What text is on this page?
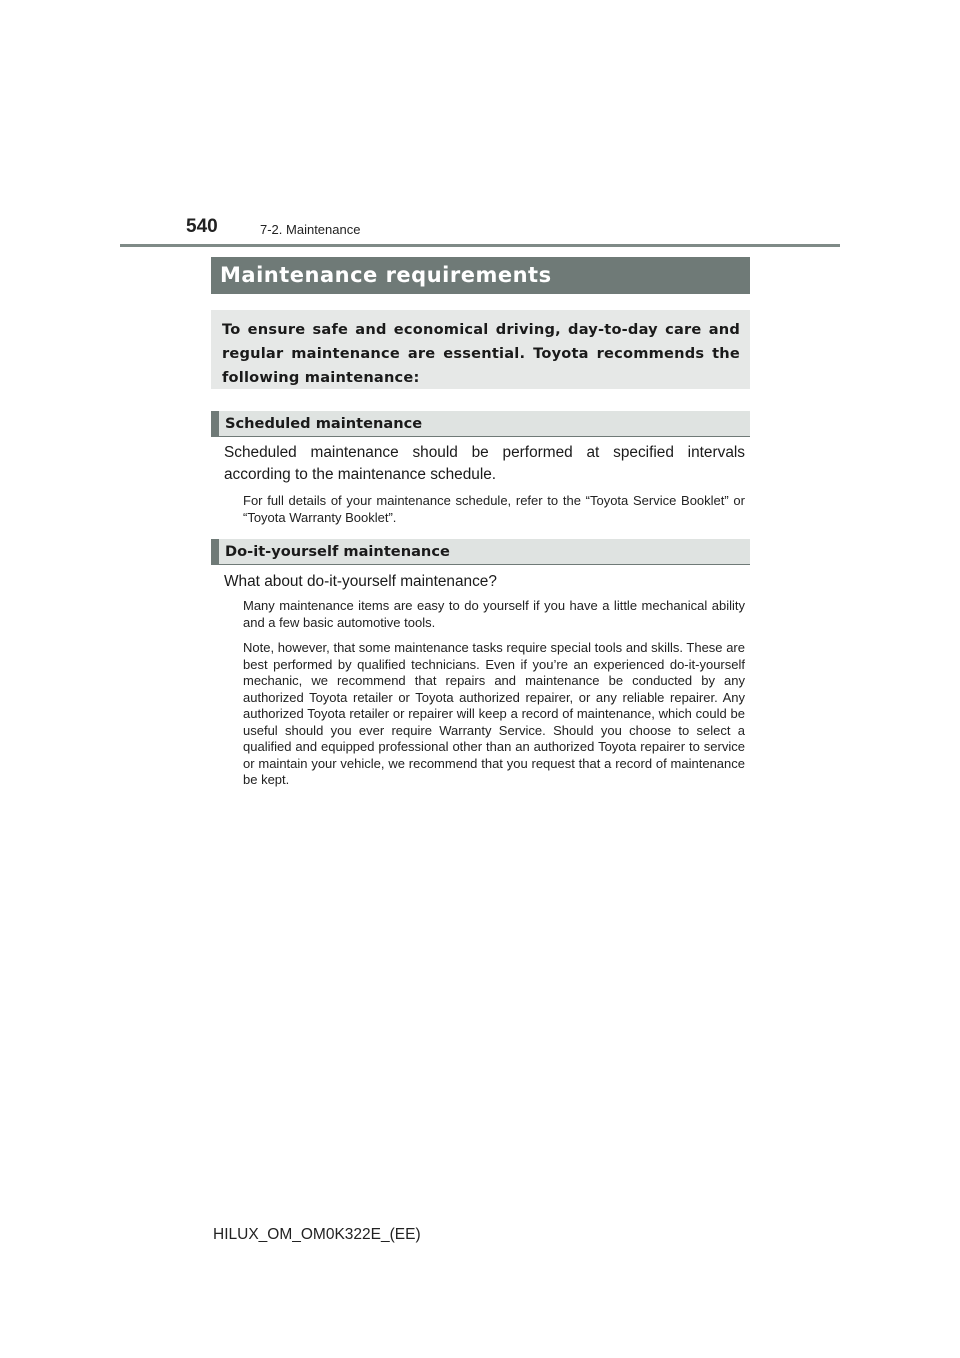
540	7-2. Maintenance
Maintenance requirements
To ensure safe and economical driving, day-to-day care and regular maintenance are essential. Toyota recommends the following maintenance:
Scheduled maintenance
Scheduled maintenance should be performed at specified intervals according to the maintenance schedule.
For full details of your maintenance schedule, refer to the “Toyota Service Booklet” or “Toyota Warranty Booklet”.
Do-it-yourself maintenance
What about do-it-yourself maintenance?
Many maintenance items are easy to do yourself if you have a little mechanical ability and a few basic automotive tools.
Note, however, that some maintenance tasks require special tools and skills. These are best performed by qualified technicians. Even if you’re an experienced do-it-yourself mechanic, we recommend that repairs and maintenance be conducted by any authorized Toyota retailer or Toyota authorized repairer, or any reliable repairer. Any authorized Toyota retailer or repairer will keep a record of maintenance, which could be useful should you ever require Warranty Service. Should you choose to select a qualified and equipped professional other than an authorized Toyota repairer to service or maintain your vehicle, we recommend that you request that a record of maintenance be kept.
HILUX_OM_OM0K322E_(EE)
